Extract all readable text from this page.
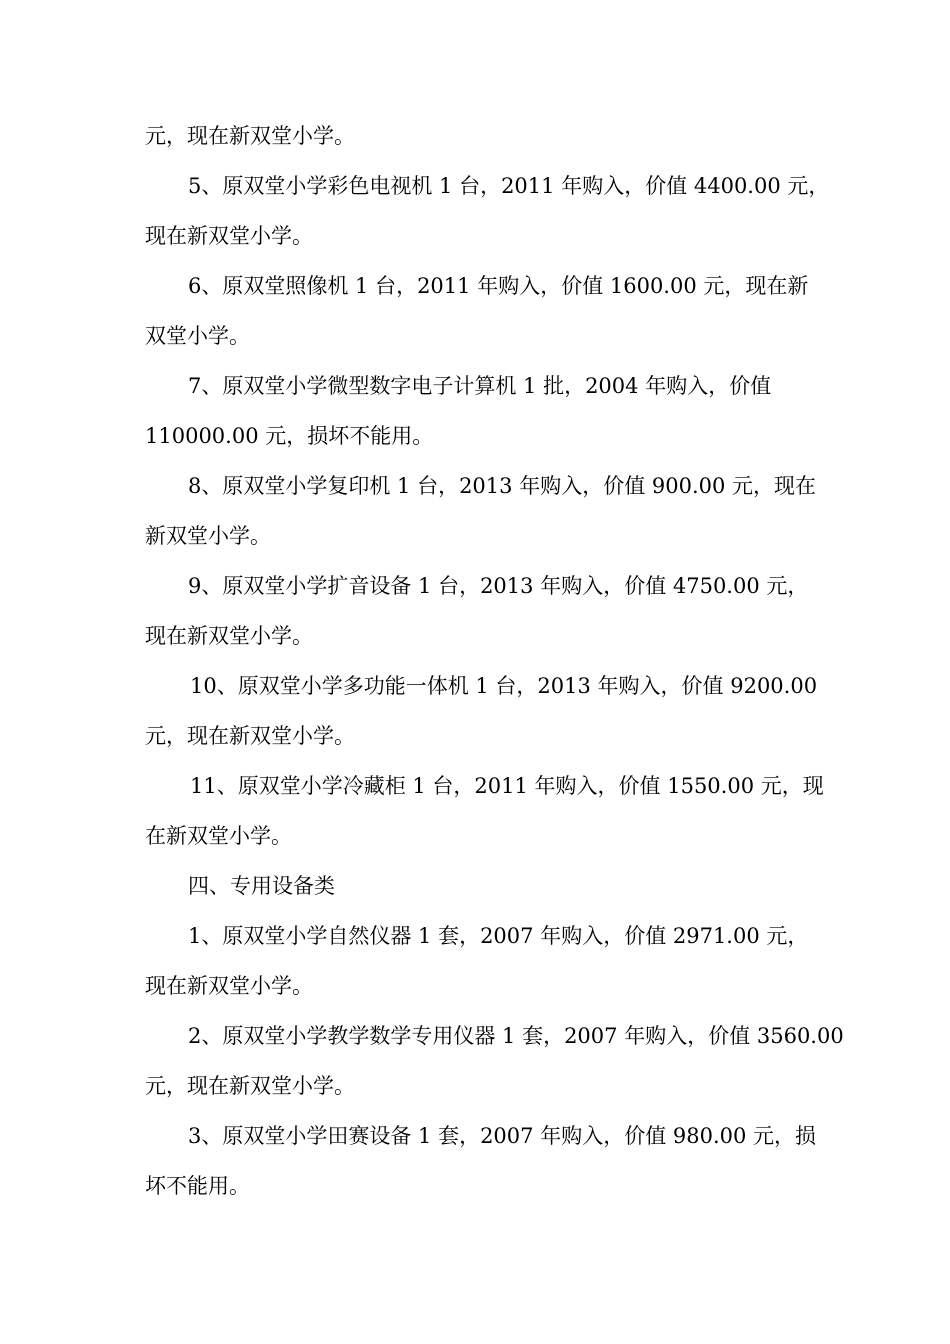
元，现在新双堂小学。
5、原双堂小学彩色电视机 1 台，2011 年购入，价值 4400.00 元，
现在新双堂小学。
6、原双堂照像机 1 台，2011 年购入，价值 1600.00 元，现在新
双堂小学。
7、原双堂小学微型数字电子计算机 1 批，2004 年购入，价值
110000.00 元，损坏不能用。
8、原双堂小学复印机 1 台，2013 年购入，价值 900.00 元，现在
新双堂小学。
9、原双堂小学扩音设备 1 台，2013 年购入，价值 4750.00 元，
现在新双堂小学。
10、原双堂小学多功能一体机 1 台，2013 年购入，价值 9200.00
元，现在新双堂小学。
11、原双堂小学冷藏柜 1 台，2011 年购入，价值 1550.00 元，现
在新双堂小学。
四、专用设备类
1、原双堂小学自然仪器 1 套，2007 年购入，价值 2971.00 元，
现在新双堂小学。
2、原双堂小学教学数学专用仪器 1 套，2007 年购入，价值 3560.00
元，现在新双堂小学。
3、原双堂小学田赛设备 1 套，2007 年购入，价值 980.00 元，损
坏不能用。
